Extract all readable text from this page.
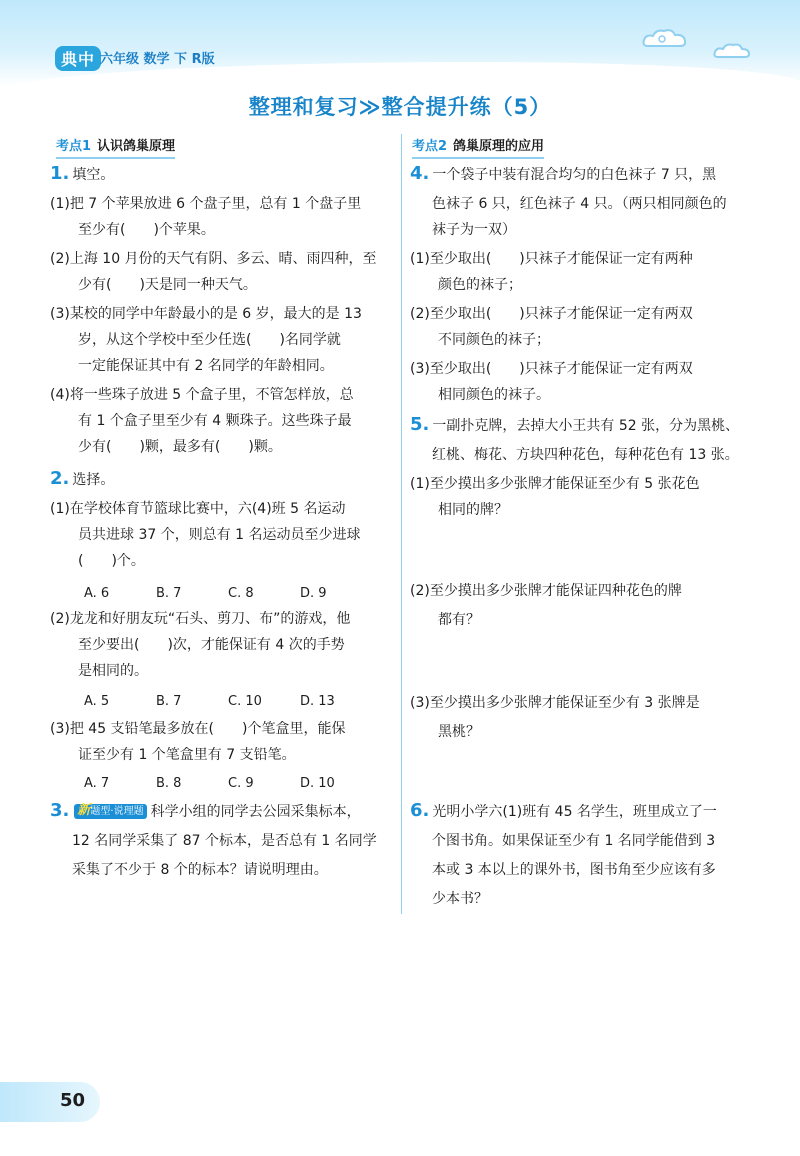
典中 六年级 数学 下 R版
整理和复习≫整合提升练（5）
考点1 认识鸽巢原理
1. 填空。
(1)把 7 个苹果放进 6 个盘子里，总有 1 个盘子里
至少有(　　)个苹果。
(2)上海 10 月份的天气有阴、多云、晴、雨四种，至
少有(　　)天是同一种天气。
(3)某校的同学中年龄最小的是 6 岁，最大的是 13
岁，从这个学校中至少任选(　　)名同学就
一定能保证其中有 2 名同学的年龄相同。
(4)将一些珠子放进 5 个盒子里，不管怎样放，总
有 1 个盒子里至少有 4 颗珠子。这些珠子最
少有(　　)颗，最多有(　　)颗。
2. 选择。
(1)在学校体育节篮球比赛中，六(4)班 5 名运动
员共进球 37 个，则总有 1 名运动员至少进球
(　　)个。
A. 6	B. 7	C. 8	D. 9
(2)龙龙和好朋友玩“石头、剪刀、布”的游戏，他
至少要出(　　)次，才能保证有 4 次的手势
是相同的。
A. 5	B. 7	C. 10	D. 13
(3)把 45 支铅笔最多放在(　　)个笔盒里，能保
证至少有 1 个笔盒里有 7 支铅笔。
A. 7	B. 8	C. 9	D. 10
3. 新题型·说理题 科学小组的同学去公园采集标本，
12 名同学采集了 87 个标本，是否总有 1 名同学
采集了不少于 8 个的标本？请说明理由。
考点2 鸽巢原理的应用
4. 一个袋子中装有混合均匀的白色袜子 7 只，黑
色袜子 6 只，红色袜子 4 只。（两只相同颜色的
袜子为一双）
(1)至少取出(　　)只袜子才能保证一定有两种
颜色的袜子；
(2)至少取出(　　)只袜子才能保证一定有两双
不同颜色的袜子；
(3)至少取出(　　)只袜子才能保证一定有两双
相同颜色的袜子。
5. 一副扑克牌，去掉大小王共有 52 张，分为黑桃、
红桃、梅花、方块四种花色，每种花色有 13 张。
(1)至少摸出多少张牌才能保证至少有 5 张花色
相同的牌？
(2)至少摸出多少张牌才能保证四种花色的牌
都有？
(3)至少摸出多少张牌才能保证至少有 3 张牌是
黑桃？
6. 光明小学六(1)班有 45 名学生，班里成立了一
个图书角。如果保证至少有 1 名同学能借到 3
本或 3 本以上的课外书，图书角至少应该有多
少本书？
50
